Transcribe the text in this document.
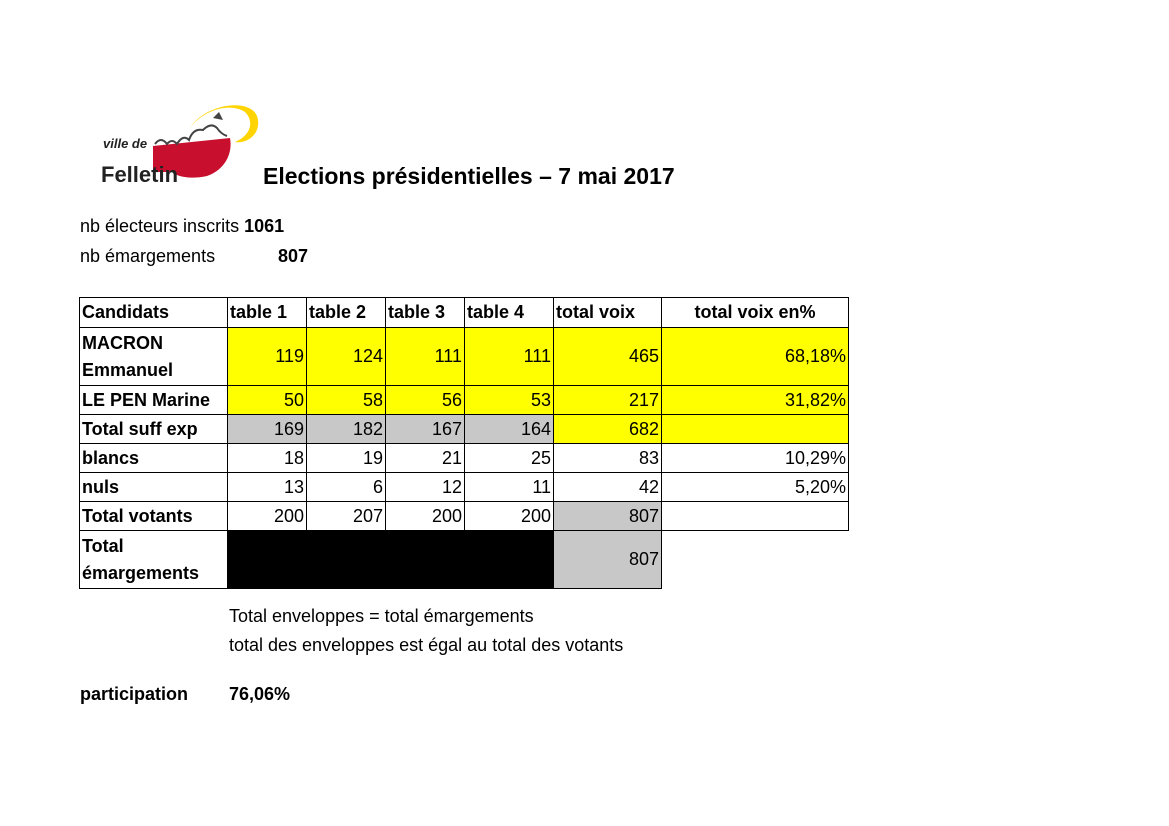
ville de
Felletin	Elections présidentielles – 7 mai 2017
nb électeurs inscrits 1061
nb émargements	807
Candidats	table 1	table 2	table 3	table 4	total voix	total voix en%
MACRON
Emmanuel	119	124	111	111	465	68,18%
LE PEN Marine	50	58	56	53	217	31,82%
Total suff exp	169	182	167	164	682	
blancs	18	19	21	25	83	10,29%
nuls	13	6	12	11	42	5,20%
Total votants	200	207	200	200	807	
Total
émargements					807	
Total enveloppes = total émargements
total des enveloppes est égal au total des votants
participation 76,06%
